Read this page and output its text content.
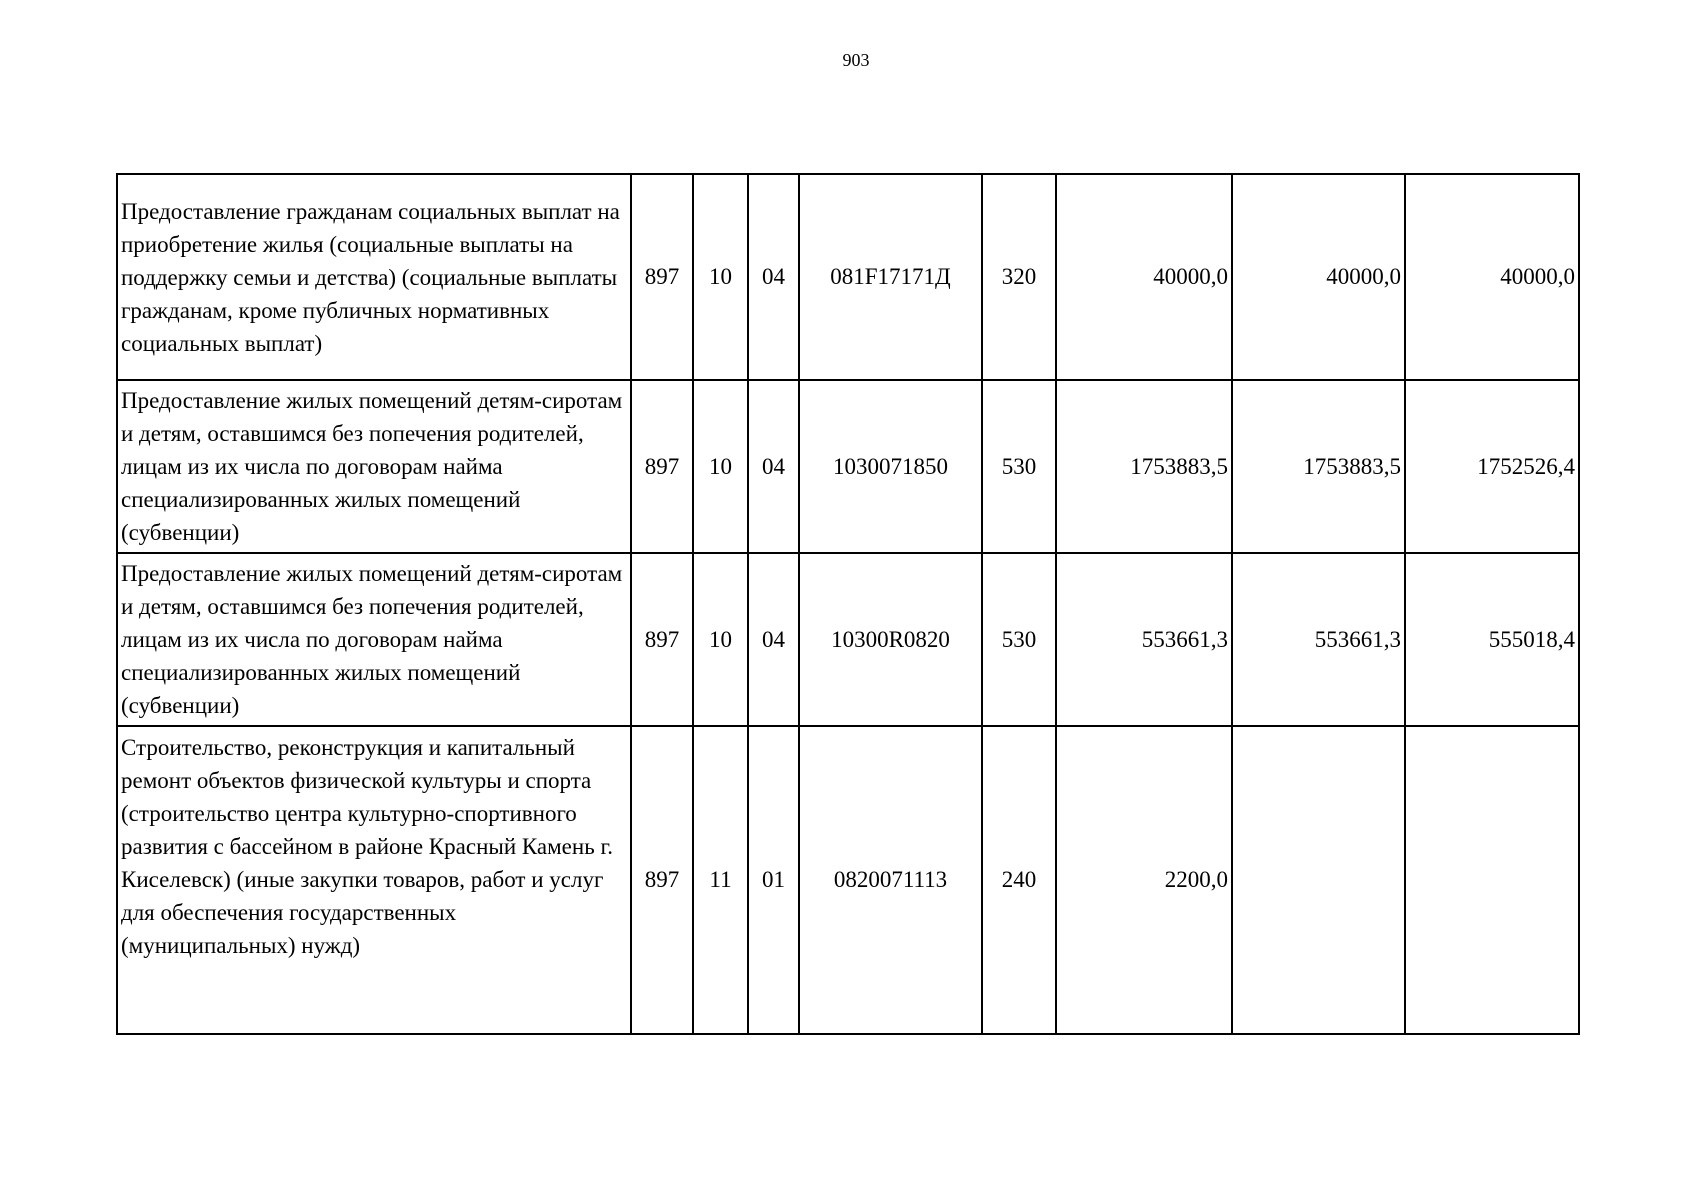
903
Предоставление гражданам социальных выплат на приобретение жилья (социальные выплаты на поддержку семьи и детства) (социальные выплаты гражданам, кроме публичных нормативных социальных выплат)	897	10	04	081F17171Д	320	40000,0	40000,0	40000,0
Предоставление жилых помещений детям-сиротам и детям, оставшимся без попечения родителей, лицам из их числа по договорам найма специализированных жилых помещений (субвенции)	897	10	04	1030071850	530	1753883,5	1753883,5	1752526,4
Предоставление жилых помещений детям-сиротам и детям, оставшимся без попечения родителей, лицам из их числа по договорам найма специализированных жилых помещений (субвенции)	897	10	04	10300R0820	530	553661,3	553661,3	555018,4
Строительство, реконструкция и капитальный ремонт объектов физической культуры и спорта (строительство центра культурно-спортивного развития с бассейном в районе Красный Камень г. Киселевск) (иные закупки товаров, работ и услуг для обеспечения государственных (муниципальных) нужд)	897	11	01	0820071113	240	2200,0		
